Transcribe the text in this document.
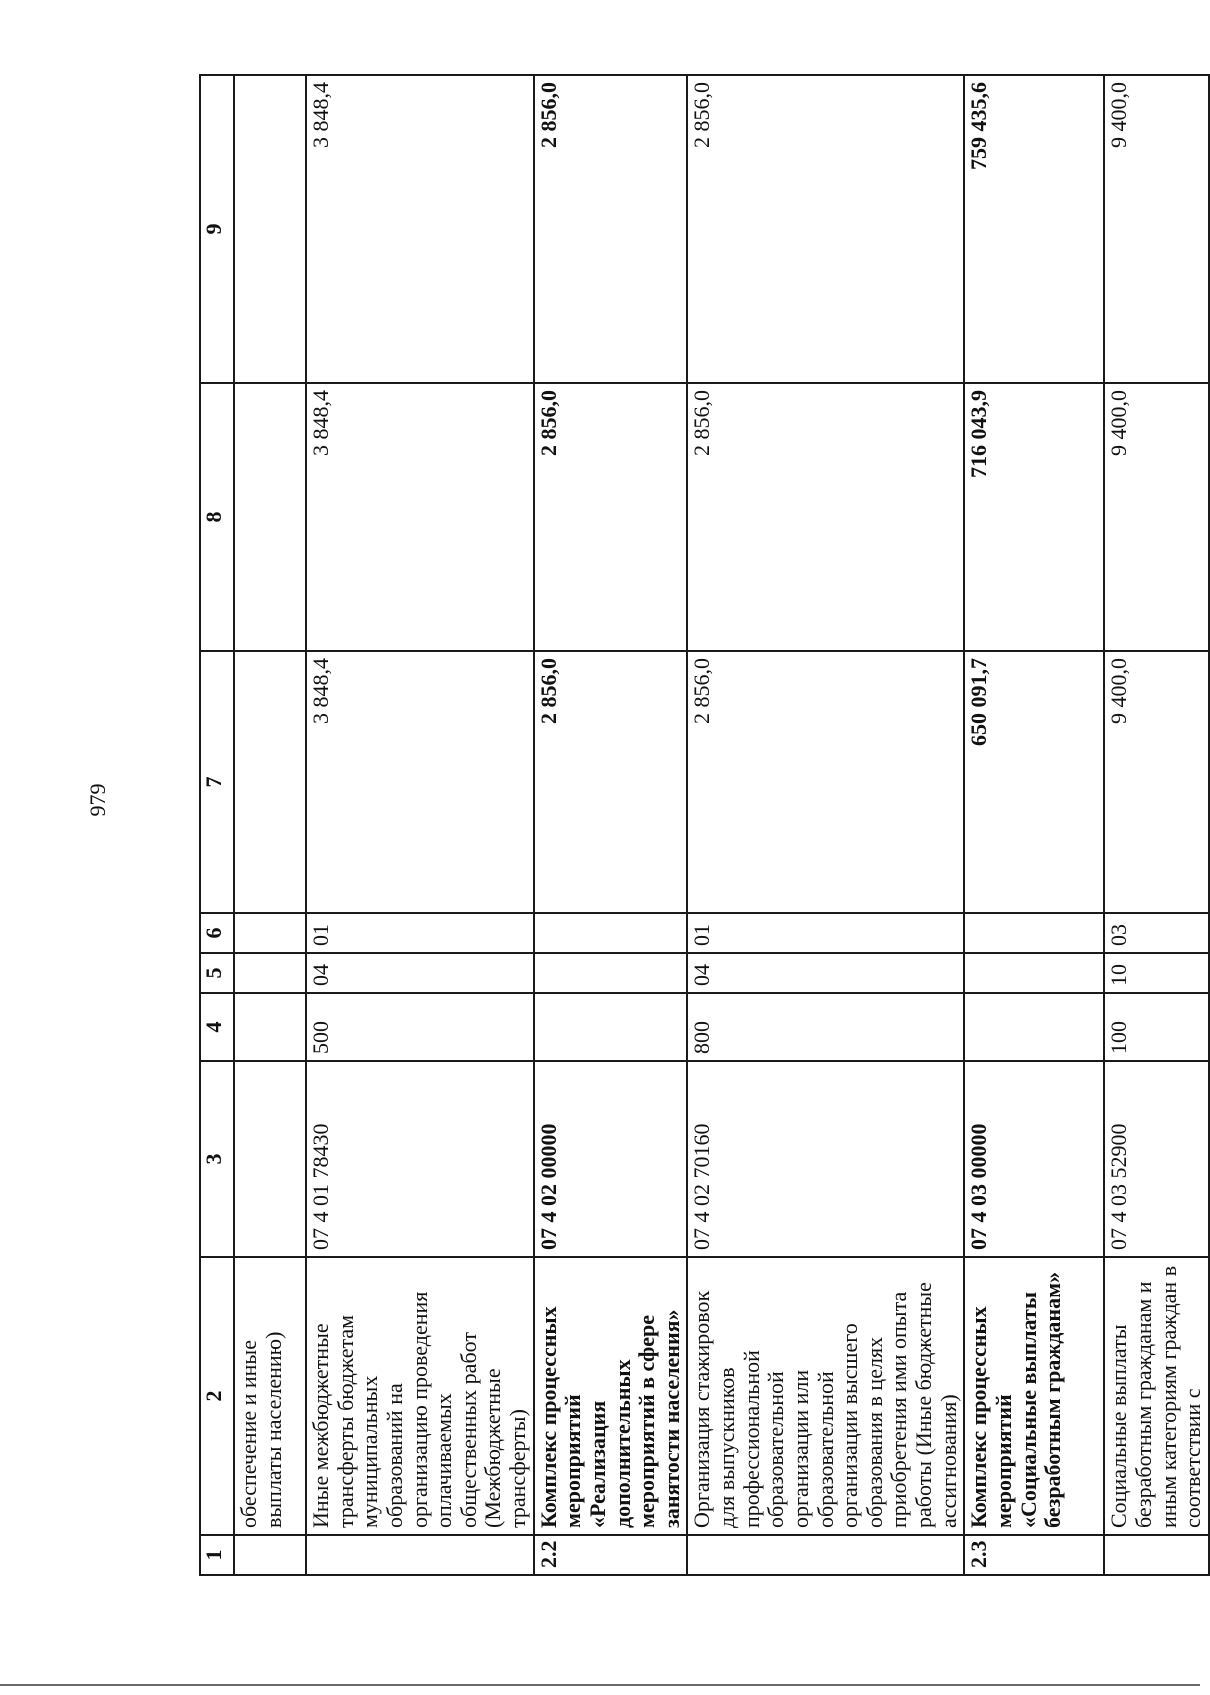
979
1	2	3	4	5	6	7	8	9
	обеспечение и иные выплаты населению)							
	Иные межбюджетные трансферты бюджетам муниципальных образований на организацию проведения оплачиваемых общественных работ (Межбюджетные трансферты)	07 4 01 78430	500	04	01	3 848,4	3 848,4	3 848,4
2.2	Комплекс процессных мероприятий «Реализация дополнительных мероприятий в сфере занятости населения»	07 4 02 00000				2 856,0	2 856,0	2 856,0
	Организация стажировок для выпускников профессиональной образовательной организации или образовательной организации высшего образования в целях приобретения ими опыта работы (Иные бюджетные ассигнования)	07 4 02 70160	800	04	01	2 856,0	2 856,0	2 856,0
2.3	Комплекс процессных мероприятий «Социальные выплаты безработным гражданам»	07 4 03 00000				650 091,7	716 043,9	759 435,6
	Социальные выплаты безработным гражданам и иным категориям граждан в соответствии с	07 4 03 52900	100	10	03	9 400,0	9 400,0	9 400,0
